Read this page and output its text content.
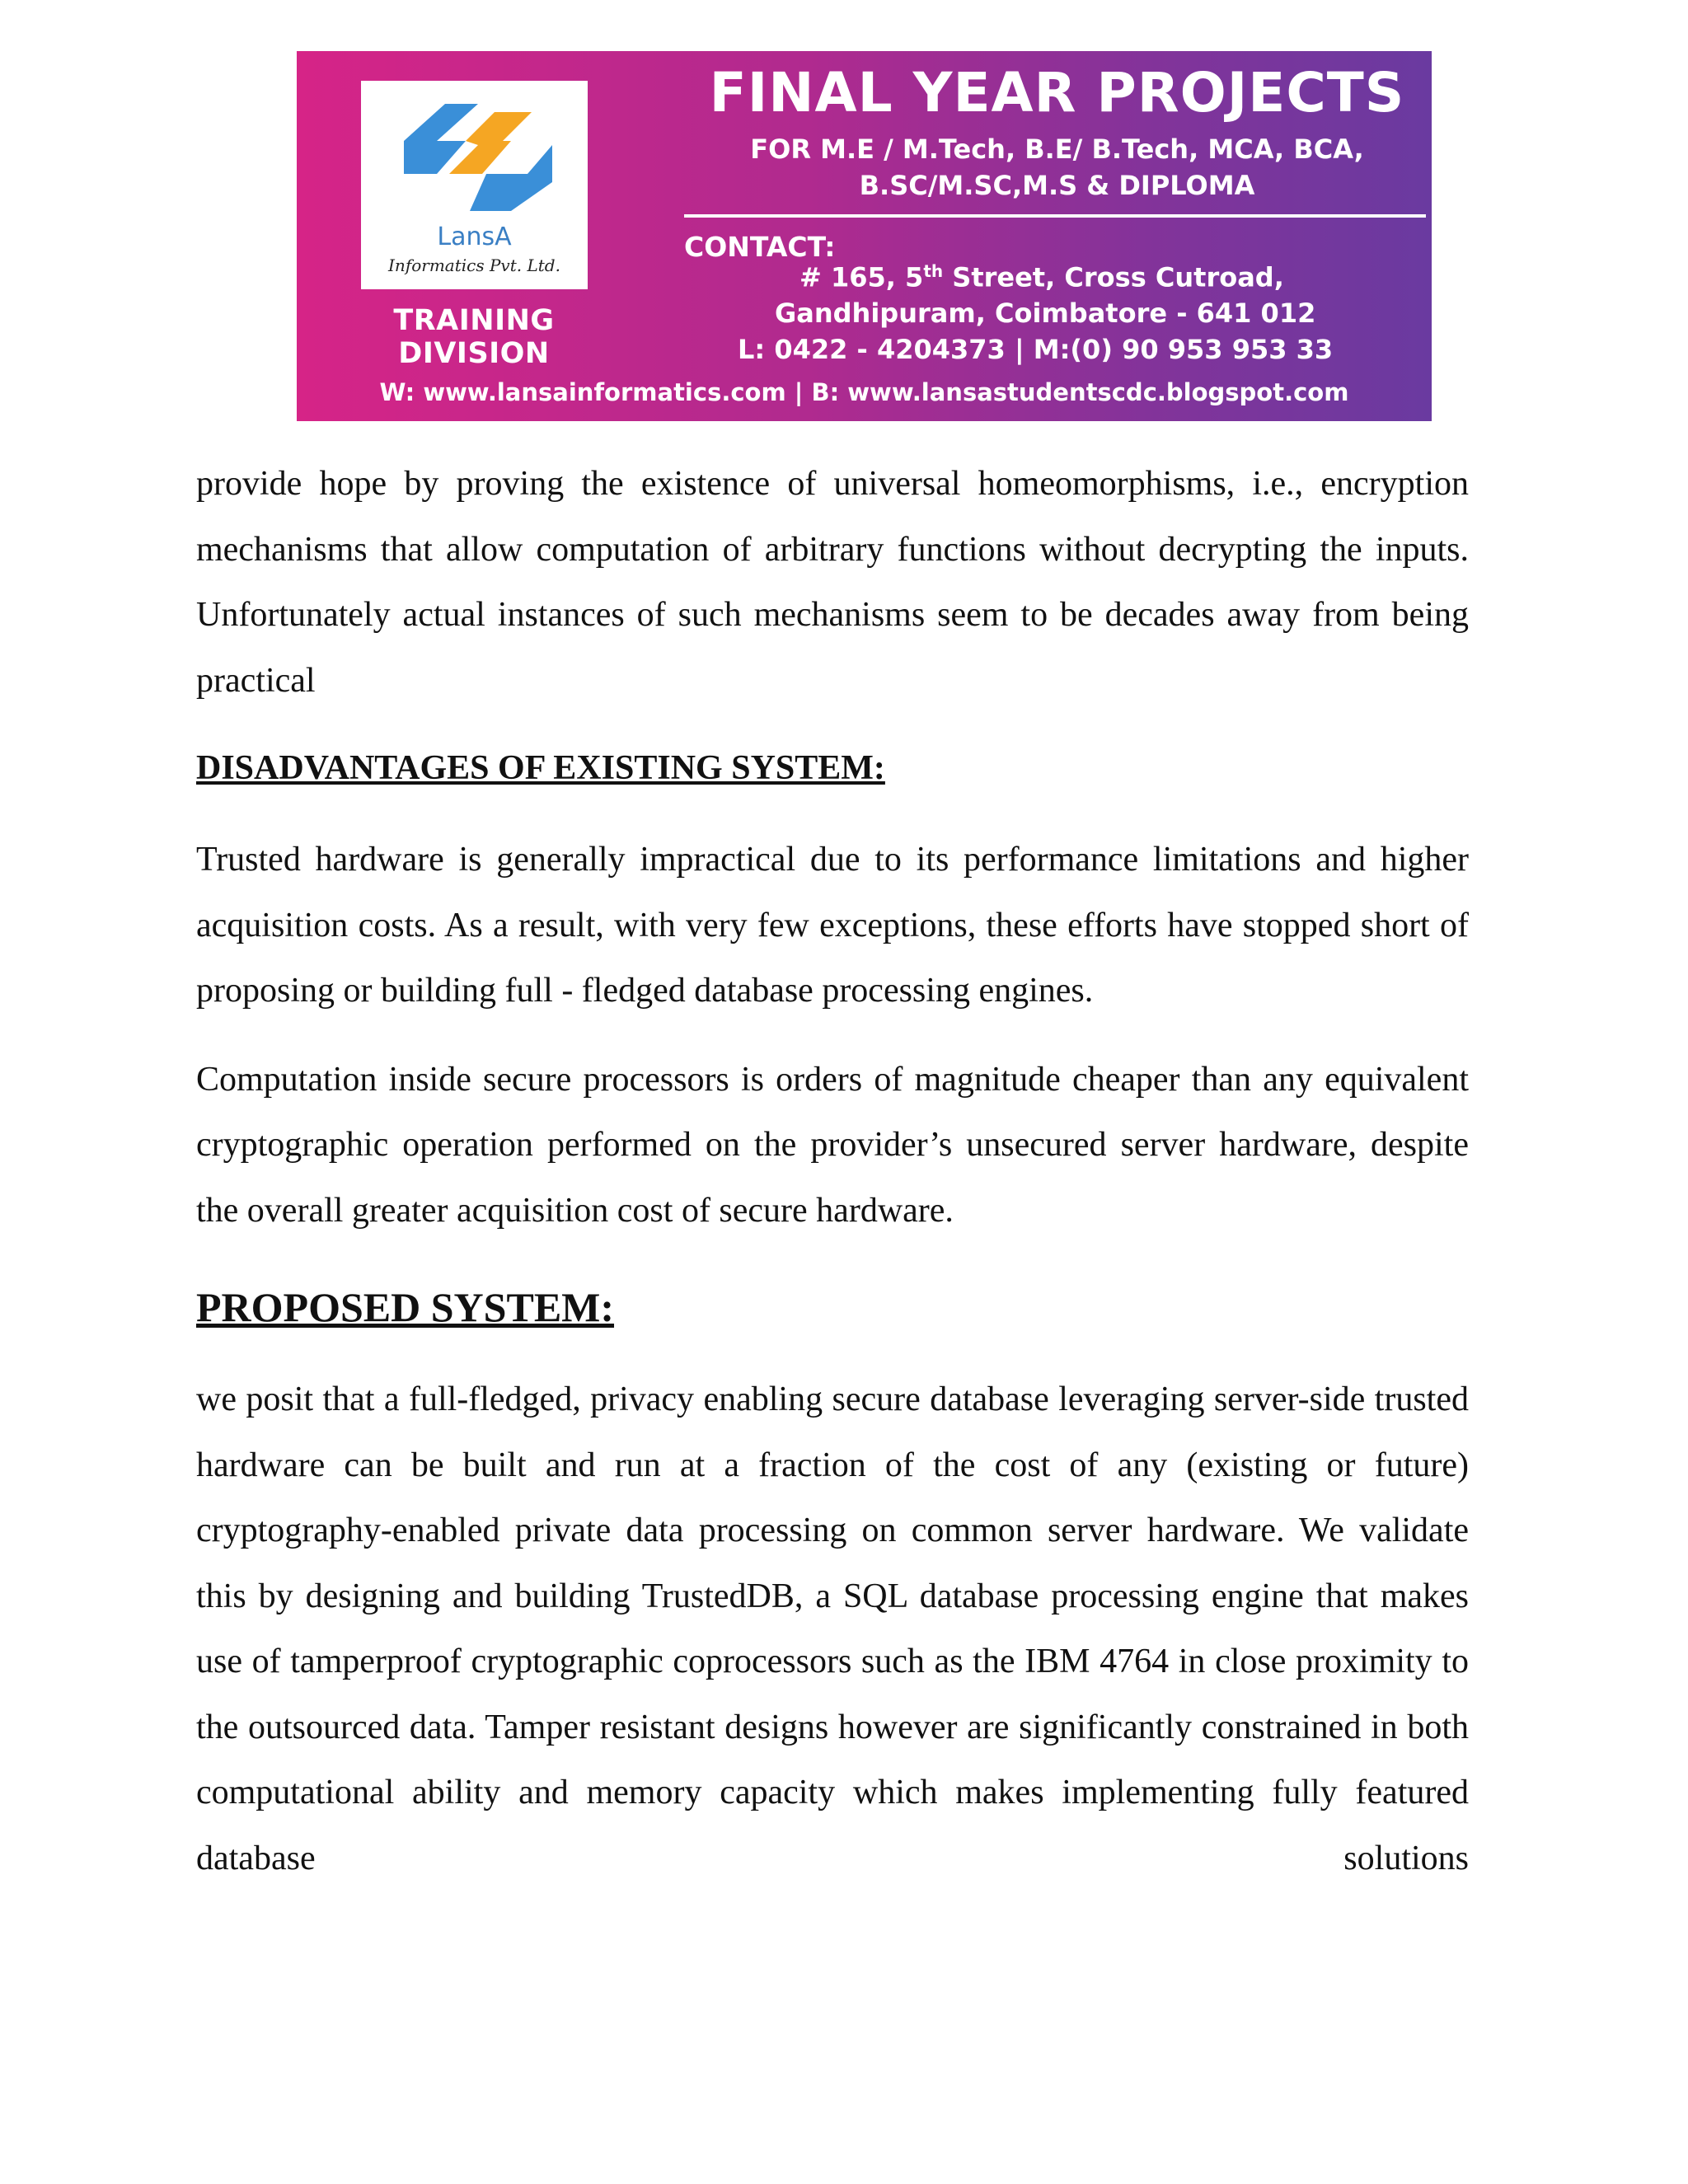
LansA
Informatics Pvt. Ltd.
TRAINING DIVISION
FINAL YEAR PROJECTS
FOR M.E / M.Tech, B.E/ B.Tech, MCA, BCA,
B.SC/M.SC,M.S & DIPLOMA
CONTACT:
# 165, 5th Street, Cross Cutroad,
Gandhipuram, Coimbatore - 641 012
L: 0422 - 4204373 | M:(0) 90 953 953 33
W: www.lansainformatics.com | B: www.lansastudentscdc.blogspot.com

provide hope by proving the existence of universal homeomorphisms, i.e., encryption mechanisms that allow computation of arbitrary functions without decrypting the inputs. Unfortunately actual instances of such mechanisms seem to be decades away from being practical

DISADVANTAGES OF EXISTING SYSTEM:

Trusted hardware is generally impractical due to its performance limitations and higher acquisition costs. As a result, with very few exceptions, these efforts have stopped short of proposing or building full - fledged database processing engines.

Computation inside secure processors is orders of magnitude cheaper than any equivalent cryptographic operation performed on the provider’s unsecured server hardware, despite the overall greater acquisition cost of secure hardware.

PROPOSED SYSTEM:

we posit that a full-fledged, privacy enabling secure database leveraging server-side trusted hardware can be built and run at a fraction of the cost of any (existing or future) cryptography-enabled private data processing on common server hardware. We validate this by designing and building TrustedDB, a SQL database processing engine that makes use of tamperproof cryptographic coprocessors such as the IBM 4764 in close proximity to the outsourced data. Tamper resistant designs however are significantly constrained in both computational ability and memory capacity which makes implementing fully featured database solutions
